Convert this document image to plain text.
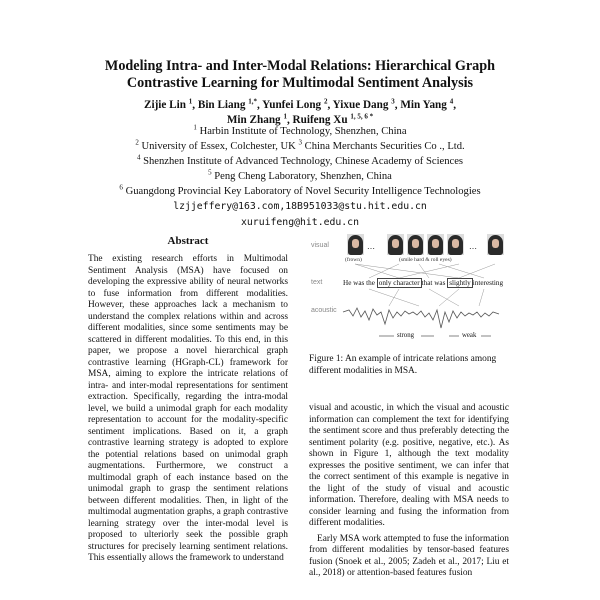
Modeling Intra- and Inter-Modal Relations: Hierarchical Graph
Contrastive Learning for Multimodal Sentiment Analysis
Zijie Lin $^1$, Bin Liang $^{1,*}$, Yunfei Long $^2$, Yixue Dang $^3$, Min Yang $^4$,
Min Zhang $^1$, Ruifeng Xu $^{1, 5, 6 *}$
$^1$ Harbin Institute of Technology, Shenzhen, China
$^2$ University of Essex, Colchester, UK $^3$ China Merchants Securities Co ., Ltd.
$^4$ Shenzhen Institute of Advanced Technology, Chinese Academy of Sciences
$^5$ Peng Cheng Laboratory, Shenzhen, China
$^6$ Guangdong Provincial Key Laboratory of Novel Security Intelligence Technologies
lzjjeffery@163.com,18B951033@stu.hit.edu.cn
xuruifeng@hit.edu.cn
Abstract
The existing research efforts in Multimodal Sentiment Analysis (MSA) have focused on developing the expressive ability of neural networks to fuse information from different modalities. However, these approaches lack a mechanism to understand the complex relations within and across different modalities, since some sentiments may be scattered in different modalities. To this end, in this paper, we propose a novel hierarchical graph contrastive learning (HGraph-CL) framework for MSA, aiming to explore the intricate relations of intra- and inter-modal representations for sentiment extraction. Specifically, regarding the intra-modal level, we build a unimodal graph for each modality representation to account for the modality-specific sentiment implications. Based on it, a graph contrastive learning strategy is adopted to explore the potential relations based on unimodal graph augmentations. Furthermore, we construct a multimodal graph of each instance based on the unimodal graph to grasp the sentiment relations between different modalities. Then, in light of the multimodal augmentation graphs, a graph contrastive learning strategy over the inter-modal level is proposed to ulteriorly seek the possible graph structures for precisely learning sentiment relations. This essentially allows the framework to understand
visual
text
acoustic
…	…
(frown)	(smile hard & roll eyes)
He was the only character that was slightly interesting
strong	weak
Figure 1: An example of intricate relations among different modalities in MSA.

visual and acoustic, in which the visual and acoustic information can complement the text for identifying the sentiment score and thus preferably detecting the sentiment polarity (e.g. positive, negative, etc.). As shown in Figure 1, although the text modality expresses the positive sentiment, we can infer that the correct sentiment of this example is negative in the light of the study of visual and acoustic information. Therefore, dealing with MSA needs to consider learning and fusing the information from different modalities.

Early MSA work attempted to fuse the information from different modalities by tensor-based features fusion (Snoek et al., 2005; Zadeh et al., 2017; Liu et al., 2018) or attention-based features fusion
